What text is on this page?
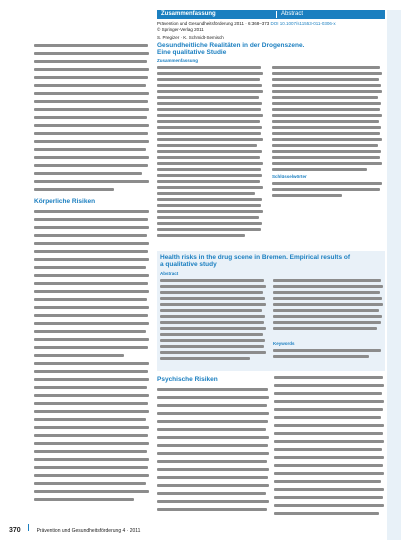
Zusammenfassung	Abstract
Prävention und Gesundheitsförderung 2011 · 6:368–373 DOI 10.1007/s11553-011-0306-x
© Springer-Verlag 2011
S. Pregizer · K. Schmidt-Semisch
Gesundheitliche Realitäten in der Drogenszene.
Eine qualitative Studie
Zusammenfassung
Schlüsselwörter
Health risks in the drug scene in Bremen. Empirical results of
a qualitative study
Abstract
Keywords
Körperliche Risiken
Psychische Risiken
370	Prävention und Gesundheitsförderung 4 · 2011
